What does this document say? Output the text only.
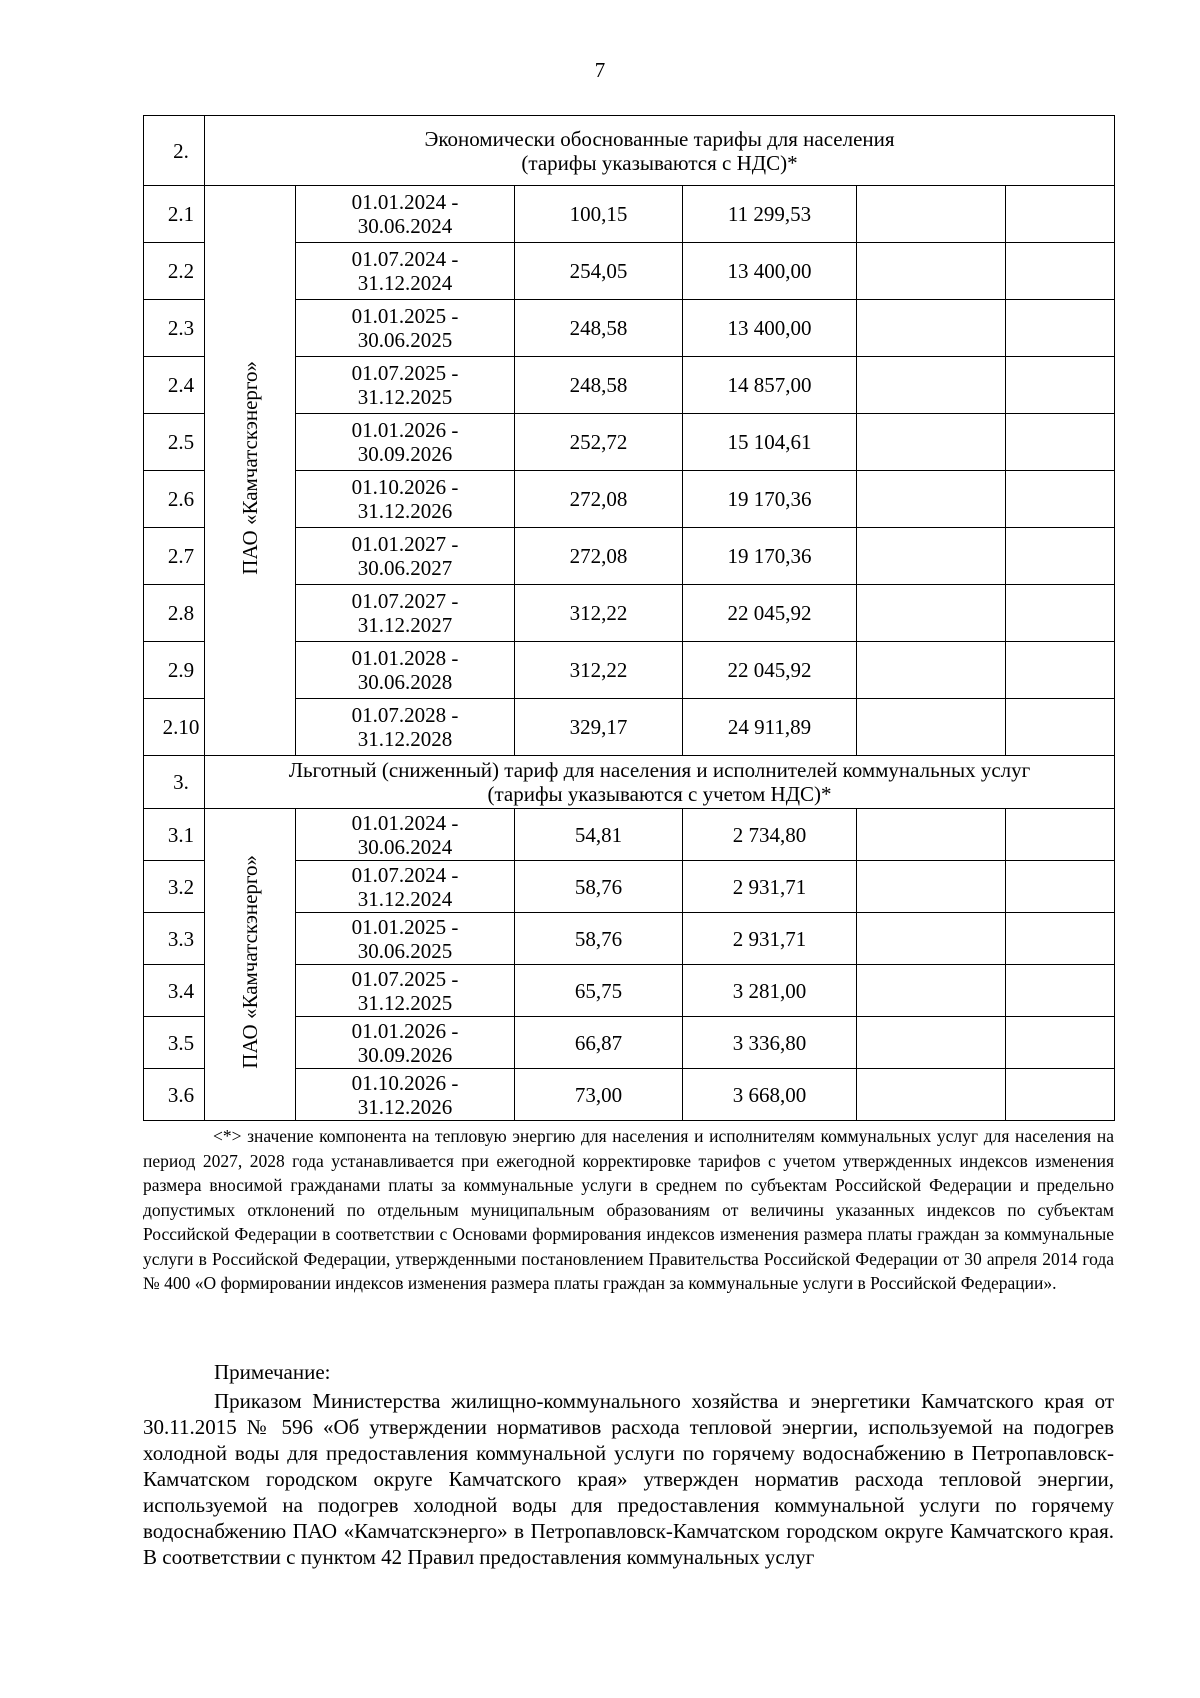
7
2.	Экономически обоснованные тарифы для населения
(тарифы указываются с НДС)*					

2.1	ПАО «Камчатскэнерго»	01.01.2024 -
30.06.2024	100,15	11 299,53		
2.2		01.07.2024 -
31.12.2024	254,05	13 400,00		
2.3		01.01.2025 -
30.06.2025	248,58	13 400,00		
2.4		01.07.2025 -
31.12.2025	248,58	14 857,00		
2.5		01.01.2026 -
30.09.2026	252,72	15 104,61		
2.6		01.10.2026 -
31.12.2026	272,08	19 170,36		
2.7		01.01.2027 -
30.06.2027	272,08	19 170,36		
2.8		01.07.2027 -
31.12.2027	312,22	22 045,92		
2.9		01.01.2028 -
30.06.2028	312,22	22 045,92		
2.10		01.07.2028 -
31.12.2028	329,17	24 911,89		
3.	Льготный (сниженный) тариф для населения и исполнителей коммунальных услуг
(тарифы указываются с учетом НДС)*					

3.1	ПАО «Камчатскэнерго»	01.01.2024 -
30.06.2024	54,81	2 734,80		
3.2		01.07.2024 -
31.12.2024	58,76	2 931,71		
3.3		01.01.2025 -
30.06.2025	58,76	2 931,71		
3.4		01.07.2025 -
31.12.2025	65,75	3 281,00		
3.5		01.01.2026 -
30.09.2026	66,87	3 336,80		
3.6		01.10.2026 -
31.12.2026	73,00	3 668,00		

<*> значение компонента на тепловую энергию для населения и исполнителям коммунальных услуг для населения на период 2027, 2028 года устанавливается при ежегодной корректировке тарифов с учетом утвержденных индексов изменения размера вносимой гражданами платы за коммунальные услуги в среднем по субъектам Российской Федерации и предельно допустимых отклонений по отдельным муниципальным образованиям от величины указанных индексов по субъектам Российской Федерации в соответствии с Основами формирования индексов изменения размера платы граждан за коммунальные услуги в Российской Федерации, утвержденными постановлением Правительства Российской Федерации от 30 апреля 2014 года № 400 «О формировании индексов изменения размера платы граждан за коммунальные услуги в Российской Федерации».

Примечание:

Приказом Министерства жилищно-коммунального хозяйства и энергетики Камчатского края от 30.11.2015 № 596 «Об утверждении нормативов расхода тепловой энергии, используемой на подогрев холодной воды для предоставления коммунальной услуги по горячему водоснабжению в Петропавловск-Камчатском городском округе Камчатского края» утвержден норматив расхода тепловой энергии, используемой на подогрев холодной воды для предоставления коммунальной услуги по горячему водоснабжению ПАО «Камчатскэнерго» в Петропавловск-Камчатском городском округе Камчатского края. В соответствии с пунктом 42 Правил предоставления коммунальных услуг
